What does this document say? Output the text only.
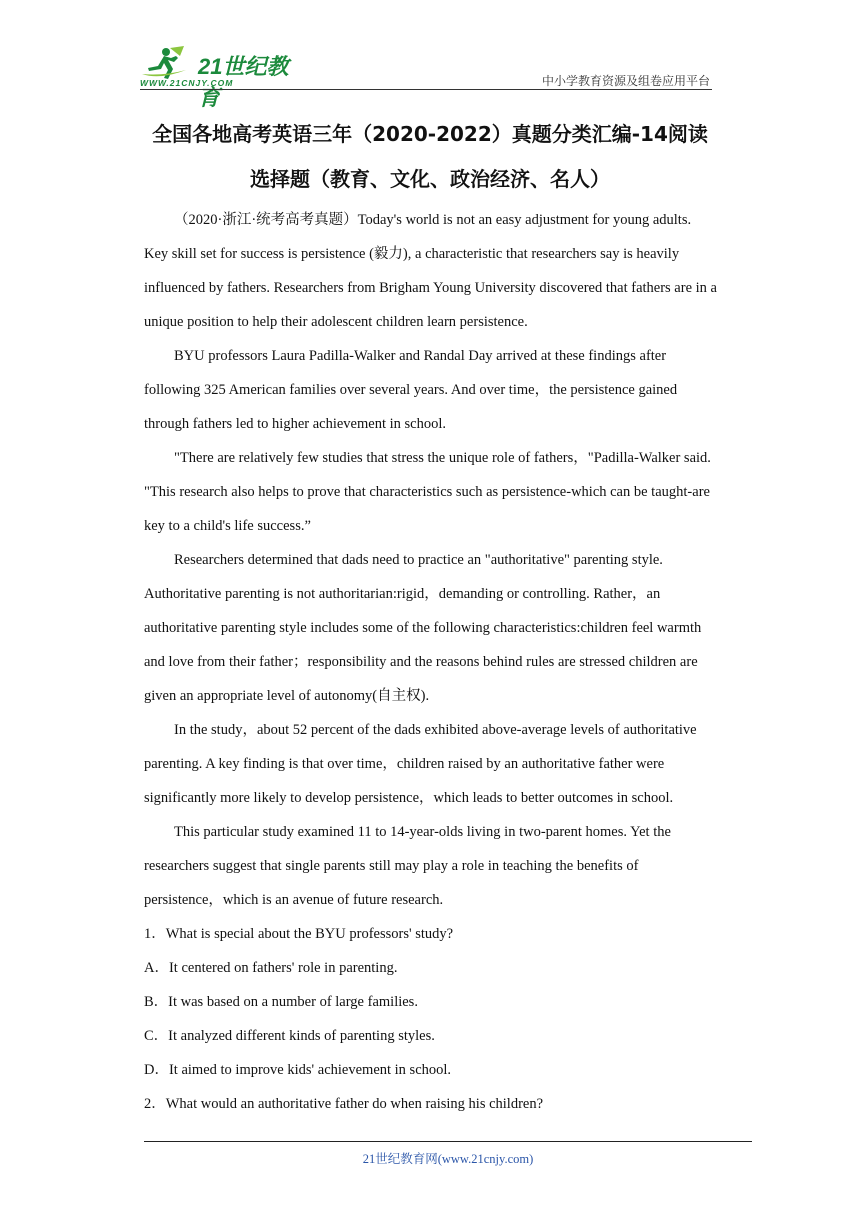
21世纪教育
WWW.21CNJY.COM	中小学教育资源及组卷应用平台
全国各地高考英语三年（2020-2022）真题分类汇编-14阅读
选择题（教育、文化、政治经济、名人）

（2020·浙江·统考高考真题）Today's world is not an easy adjustment for young adults. Key skill set for success is persistence (毅力), a characteristic that researchers say is heavily influenced by fathers. Researchers from Brigham Young University discovered that fathers are in a unique position to help their adolescent children learn persistence.

BYU professors Laura Padilla-Walker and Randal Day arrived at these findings after following 325 American families over several years. And over time，the persistence gained through fathers led to higher achievement in school.

"There are relatively few studies that stress the unique role of fathers，"Padilla-Walker said. "This research also helps to prove that characteristics such as persistence-which can be taught-are key to a child's life success.”

Researchers determined that dads need to practice an "authoritative" parenting style. Authoritative parenting is not authoritarian:rigid，demanding or controlling. Rather，an authoritative parenting style includes some of the following characteristics:children feel warmth and love from their father；responsibility and the reasons behind rules are stressed children are given an appropriate level of autonomy(自主权).

In the study，about 52 percent of the dads exhibited above-average levels of authoritative parenting. A key finding is that over time，children raised by an authoritative father were significantly more likely to develop persistence，which leads to better outcomes in school.

This particular study examined 11 to 14-year-olds living in two-parent homes. Yet the researchers suggest that single parents still may play a role in teaching the benefits of persistence，which is an avenue of future research.

1．What is special about the BYU professors' study?

A．It centered on fathers' role in parenting.

B．It was based on a number of large families.

C．It analyzed different kinds of parenting styles.

D．It aimed to improve kids' achievement in school.

2．What would an authoritative father do when raising his children?

21世纪教育网(www.21cnjy.com)
